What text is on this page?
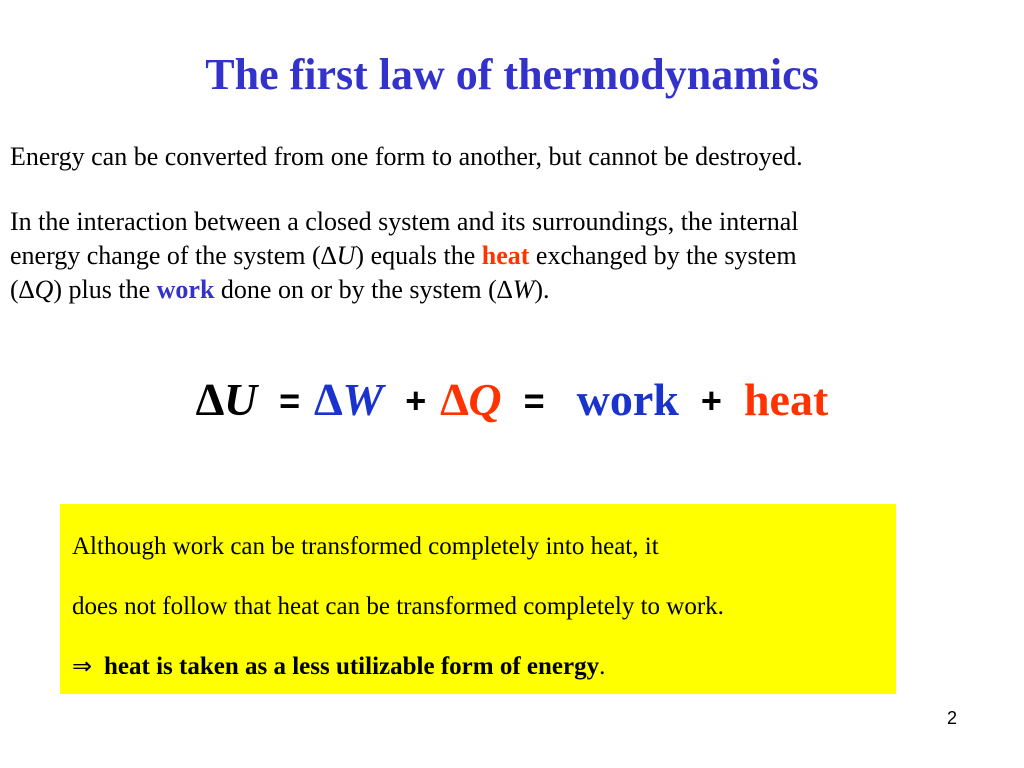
The first law of thermodynamics
Energy can be converted from one form to another, but cannot be destroyed.
In the interaction between a closed system and its surroundings, the internal
energy change of the system (∆U) equals the heat exchanged by the system
(∆Q) plus the work done on or by the system (∆W).
∆U = ∆W + ∆Q = work + heat
Although work can be transformed completely into heat, it
does not follow that heat can be transformed completely to work.
⇒ heat is taken as a less utilizable form of energy.
2
